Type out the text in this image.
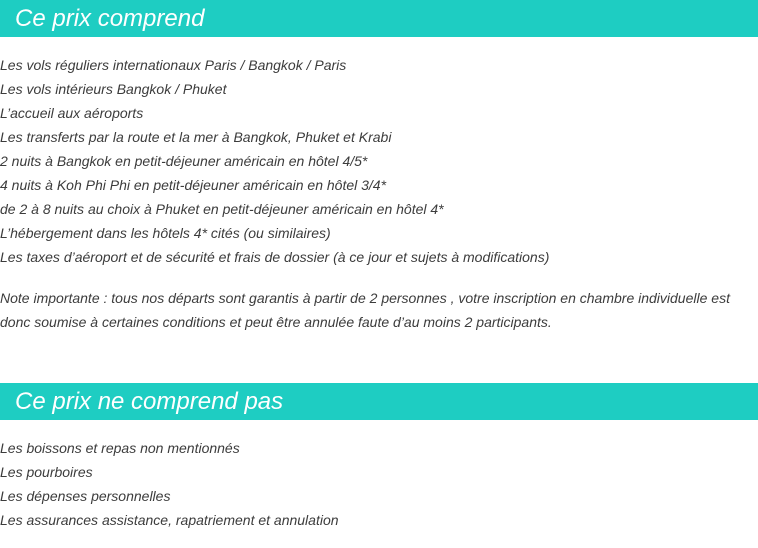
Ce prix comprend
Les vols réguliers internationaux Paris / Bangkok / Paris
Les vols intérieurs Bangkok / Phuket
L’accueil aux aéroports
Les transferts par la route et la mer à Bangkok, Phuket et Krabi
2 nuits à Bangkok en petit-déjeuner américain en hôtel 4/5*
4 nuits à Koh Phi Phi en petit-déjeuner américain en hôtel 3/4*
de 2 à 8 nuits au choix à Phuket en petit-déjeuner américain en hôtel 4*
L’hébergement dans les hôtels 4* cités (ou similaires)
Les taxes d’aéroport et de sécurité et frais de dossier (à ce jour et sujets à modifications)

Note importante : tous nos départs sont garantis à partir de 2 personnes , votre inscription en chambre individuelle est donc soumise à certaines conditions et peut être annulée faute d’au moins 2 participants.

Ce prix ne comprend pas
Les boissons et repas non mentionnés
Les pourboires
Les dépenses personnelles
Les assurances assistance, rapatriement et annulation
